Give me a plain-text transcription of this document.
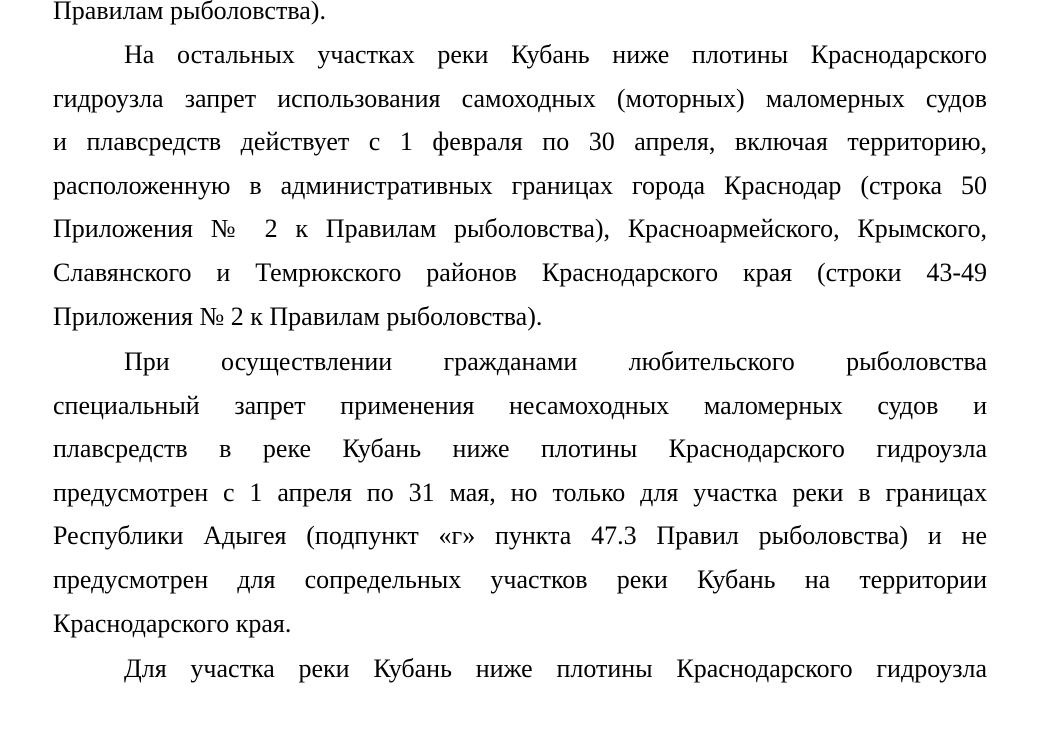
Правилам рыболовства).
На остальных участках реки Кубань ниже плотины Краснодарского
гидроузла запрет использования самоходных (моторных) маломерных судов
и плавсредств действует с 1 февраля по 30 апреля, включая территорию,
расположенную в административных границах города Краснодар (строка 50
Приложения № 2 к Правилам рыболовства), Красноармейского, Крымского,
Славянского и Темрюкского районов Краснодарского края (строки 43-49
Приложения № 2 к Правилам рыболовства).
При осуществлении гражданами любительского рыболовства
специальный запрет применения несамоходных маломерных судов и
плавсредств в реке Кубань ниже плотины Краснодарского гидроузла
предусмотрен с 1 апреля по 31 мая, но только для участка реки в границах
Республики Адыгея (подпункт «г» пункта 47.3 Правил рыболовства) и не
предусмотрен для сопредельных участков реки Кубань на территории
Краснодарского края.
Для участка реки Кубань ниже плотины Краснодарского гидроузла
